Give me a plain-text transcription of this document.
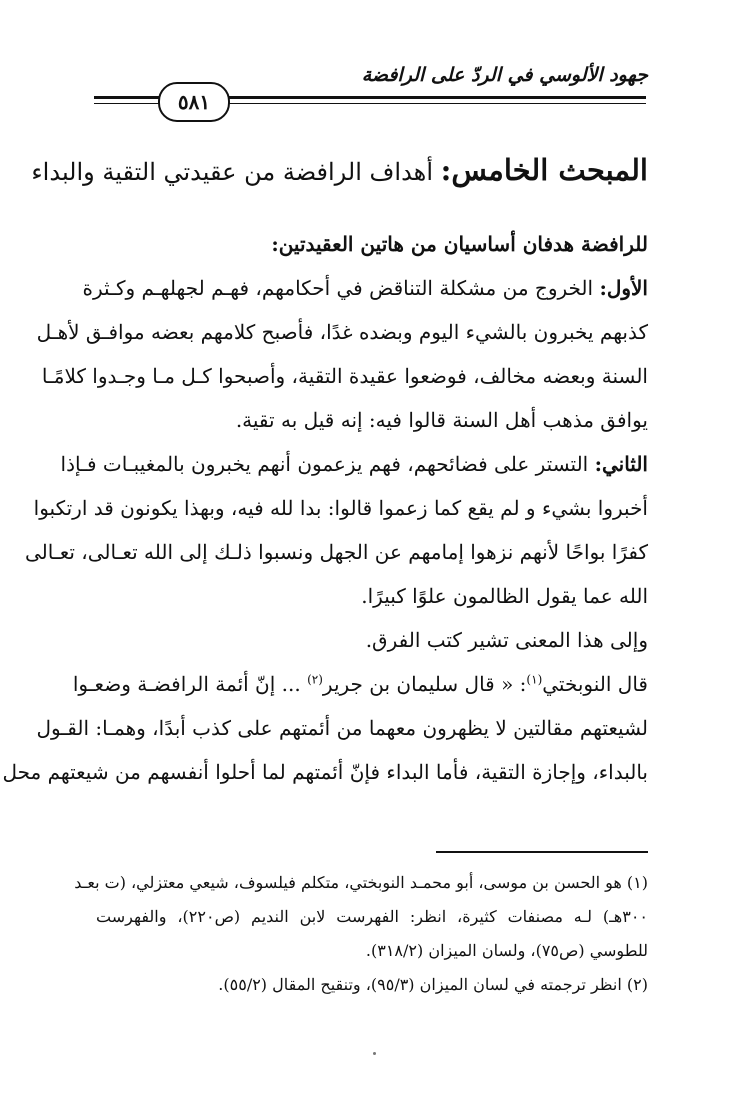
جهود الألوسي في الردّ على الرافضة
٥٨١
المبحث الخامس: أهداف الرافضة من عقيدتي التقية والبداء
للرافضة هدفان أساسيان من هاتين العقيدتين:
الأول: الخروج من مشكلة التناقض في أحكامهم، فهـم لجهلهـم وكـثرة
كذبهم يخبرون بالشيء اليوم وبضده غدًا، فأصبح كلامهم بعضه موافـق لأهـل
السنة وبعضه مخالف، فوضعوا عقيدة التقية، وأصبحوا كـل مـا وجـدوا كلامًـا
يوافق مذهب أهل السنة قالوا فيه: إنه قيل به تقية.
الثاني: التستر على فضائحهم، فهم يزعمون أنهم يخبرون بالمغيبـات فـإذا
أخبروا بشيء و لم يقع كما زعموا قالوا: بدا لله فيه، وبهذا يكونون قد ارتكبوا
كفرًا بواحًا لأنهم نزهوا إمامهم عن الجهل ونسبوا ذلـك إلى الله تعـالى، تعـالى
الله عما يقول الظالمون علوًا كبيرًا.
وإلى هذا المعنى تشير كتب الفرق.
قال النوبختي$^{(١)}$: « قال سليمان بن جرير$^{(٢)}$ ... إنّ أئمة الرافضـة وضعـوا
لشيعتهم مقالتين لا يظهرون معهما من أئمتهم على كذب أبدًا، وهمـا: القـول
بالبداء، وإجازة التقية، فأما البداء فإنّ أئمتهم لما أحلوا أنفسهم من شيعتهم محل
(١) هو الحسن بن موسى، أبو محمـد النوبختي، متكلم فيلسوف، شيعي معتزلي، (ت بعـد
٣٠٠هـ) لـه مصنفات كثيرة، انظر: الفهرست لابن النديم (ص٢٢٠)، والفهرست
للطوسي (ص٧٥)، ولسان الميزان (٣١٨/٢).
(٢) انظر ترجمته في لسان الميزان (٩٥/٣)، وتنقيح المقال (٥٥/٢).
